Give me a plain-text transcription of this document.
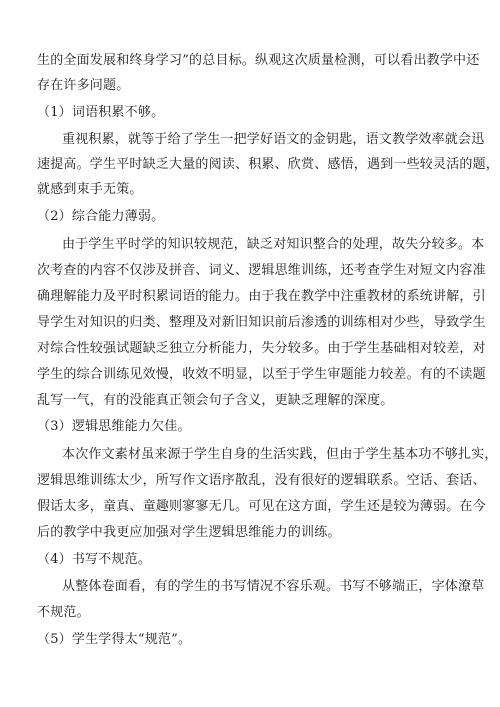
生的全面发展和终身学习”的总目标。纵观这次质量检测，可以看出教学中还
存在许多问题。
（1）词语积累不够。
重视积累，就等于给了学生一把学好语文的金钥匙，语文教学效率就会迅
速提高。学生平时缺乏大量的阅读、积累、欣赏、感悟，遇到一些较灵活的题，
就感到束手无策。
（2）综合能力薄弱。
由于学生平时学的知识较规范，缺乏对知识整合的处理，故失分较多。本
次考查的内容不仅涉及拼音、词义、逻辑思维训练，还考查学生对短文内容准
确理解能力及平时积累词语的能力。由于我在教学中注重教材的系统讲解，引
导学生对知识的归类、整理及对新旧知识前后渗透的训练相对少些，导致学生
对综合性较强试题缺乏独立分析能力，失分较多。由于学生基础相对较差，对
学生的综合训练见效慢，收效不明显，以至于学生审题能力较差。有的不读题
乱写一气，有的没能真正领会句子含义，更缺乏理解的深度。
（3）逻辑思维能力欠佳。
本次作文素材虽来源于学生自身的生活实践，但由于学生基本功不够扎实，
逻辑思维训练太少，所写作文语序散乱，没有很好的逻辑联系。空话、套话、
假话太多，童真、童趣则寥寥无几。可见在这方面，学生还是较为薄弱。在今
后的教学中我更应加强对学生逻辑思维能力的训练。
（4）书写不规范。
从整体卷面看，有的学生的书写情况不容乐观。书写不够端正，字体潦草
不规范。
（5）学生学得太“规范”。
